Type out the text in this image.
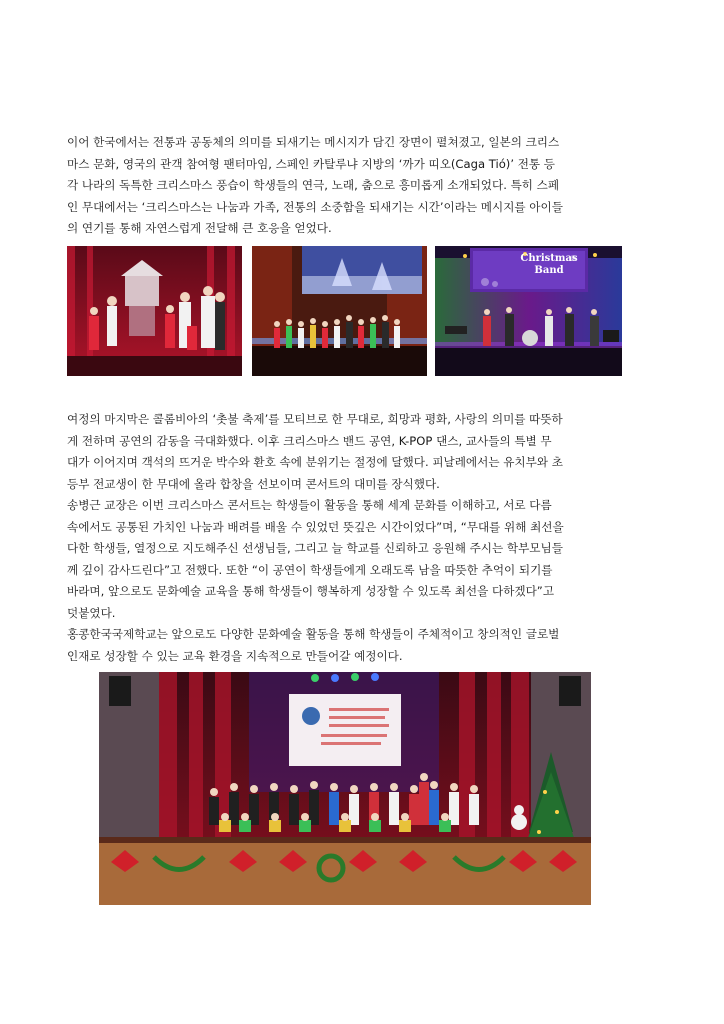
이어 한국에서는 전통과 공동체의 의미를 되새기는 메시지가 담긴 장면이 펼쳐졌고, 일본의 크리스
마스 문화, 영국의 관객 참여형 팬터마임, 스페인 카탈루냐 지방의 ‘까가 띠오(Caga Tió)’ 전통 등
각 나라의 독특한 크리스마스 풍습이 학생들의 연극, 노래, 춤으로 흥미롭게 소개되었다. 특히 스페
인 무대에서는 ‘크리스마스는 나눔과 가족, 전통의 소중함을 되새기는 시간’이라는 메시지를 아이들
의 연기를 통해 자연스럽게 전달해 큰 호응을 얻었다.
Christmas
Band
여정의 마지막은 콜롬비아의 ‘촛불 축제’를 모티브로 한 무대로, 희망과 평화, 사랑의 의미를 따뜻하
게 전하며 공연의 감동을 극대화했다. 이후 크리스마스 밴드 공연, K-POP 댄스, 교사들의 특별 무
대가 이어지며 객석의 뜨거운 박수와 환호 속에 분위기는 절정에 달했다. 피날레에서는 유치부와 초
등부 전교생이 한 무대에 올라 합창을 선보이며 콘서트의 대미를 장식했다.
송병근 교장은 이번 크리스마스 콘서트는 학생들이 활동을 통해 세계 문화를 이해하고, 서로 다름
속에서도 공통된 가치인 나눔과 배려를 배울 수 있었던 뜻깊은 시간이었다”며, “무대를 위해 최선을
다한 학생들, 열정으로 지도해주신 선생님들, 그리고 늘 학교를 신뢰하고 응원해 주시는 학부모님들
께 깊이 감사드린다”고 전했다. 또한 “이 공연이 학생들에게 오래도록 남을 따뜻한 추억이 되기를
바라며, 앞으로도 문화예술 교육을 통해 학생들이 행복하게 성장할 수 있도록 최선을 다하겠다”고
덧붙였다.
홍콩한국국제학교는 앞으로도 다양한 문화예술 활동을 통해 학생들이 주체적이고 창의적인 글로벌
인재로 성장할 수 있는 교육 환경을 지속적으로 만들어갈 예정이다.
